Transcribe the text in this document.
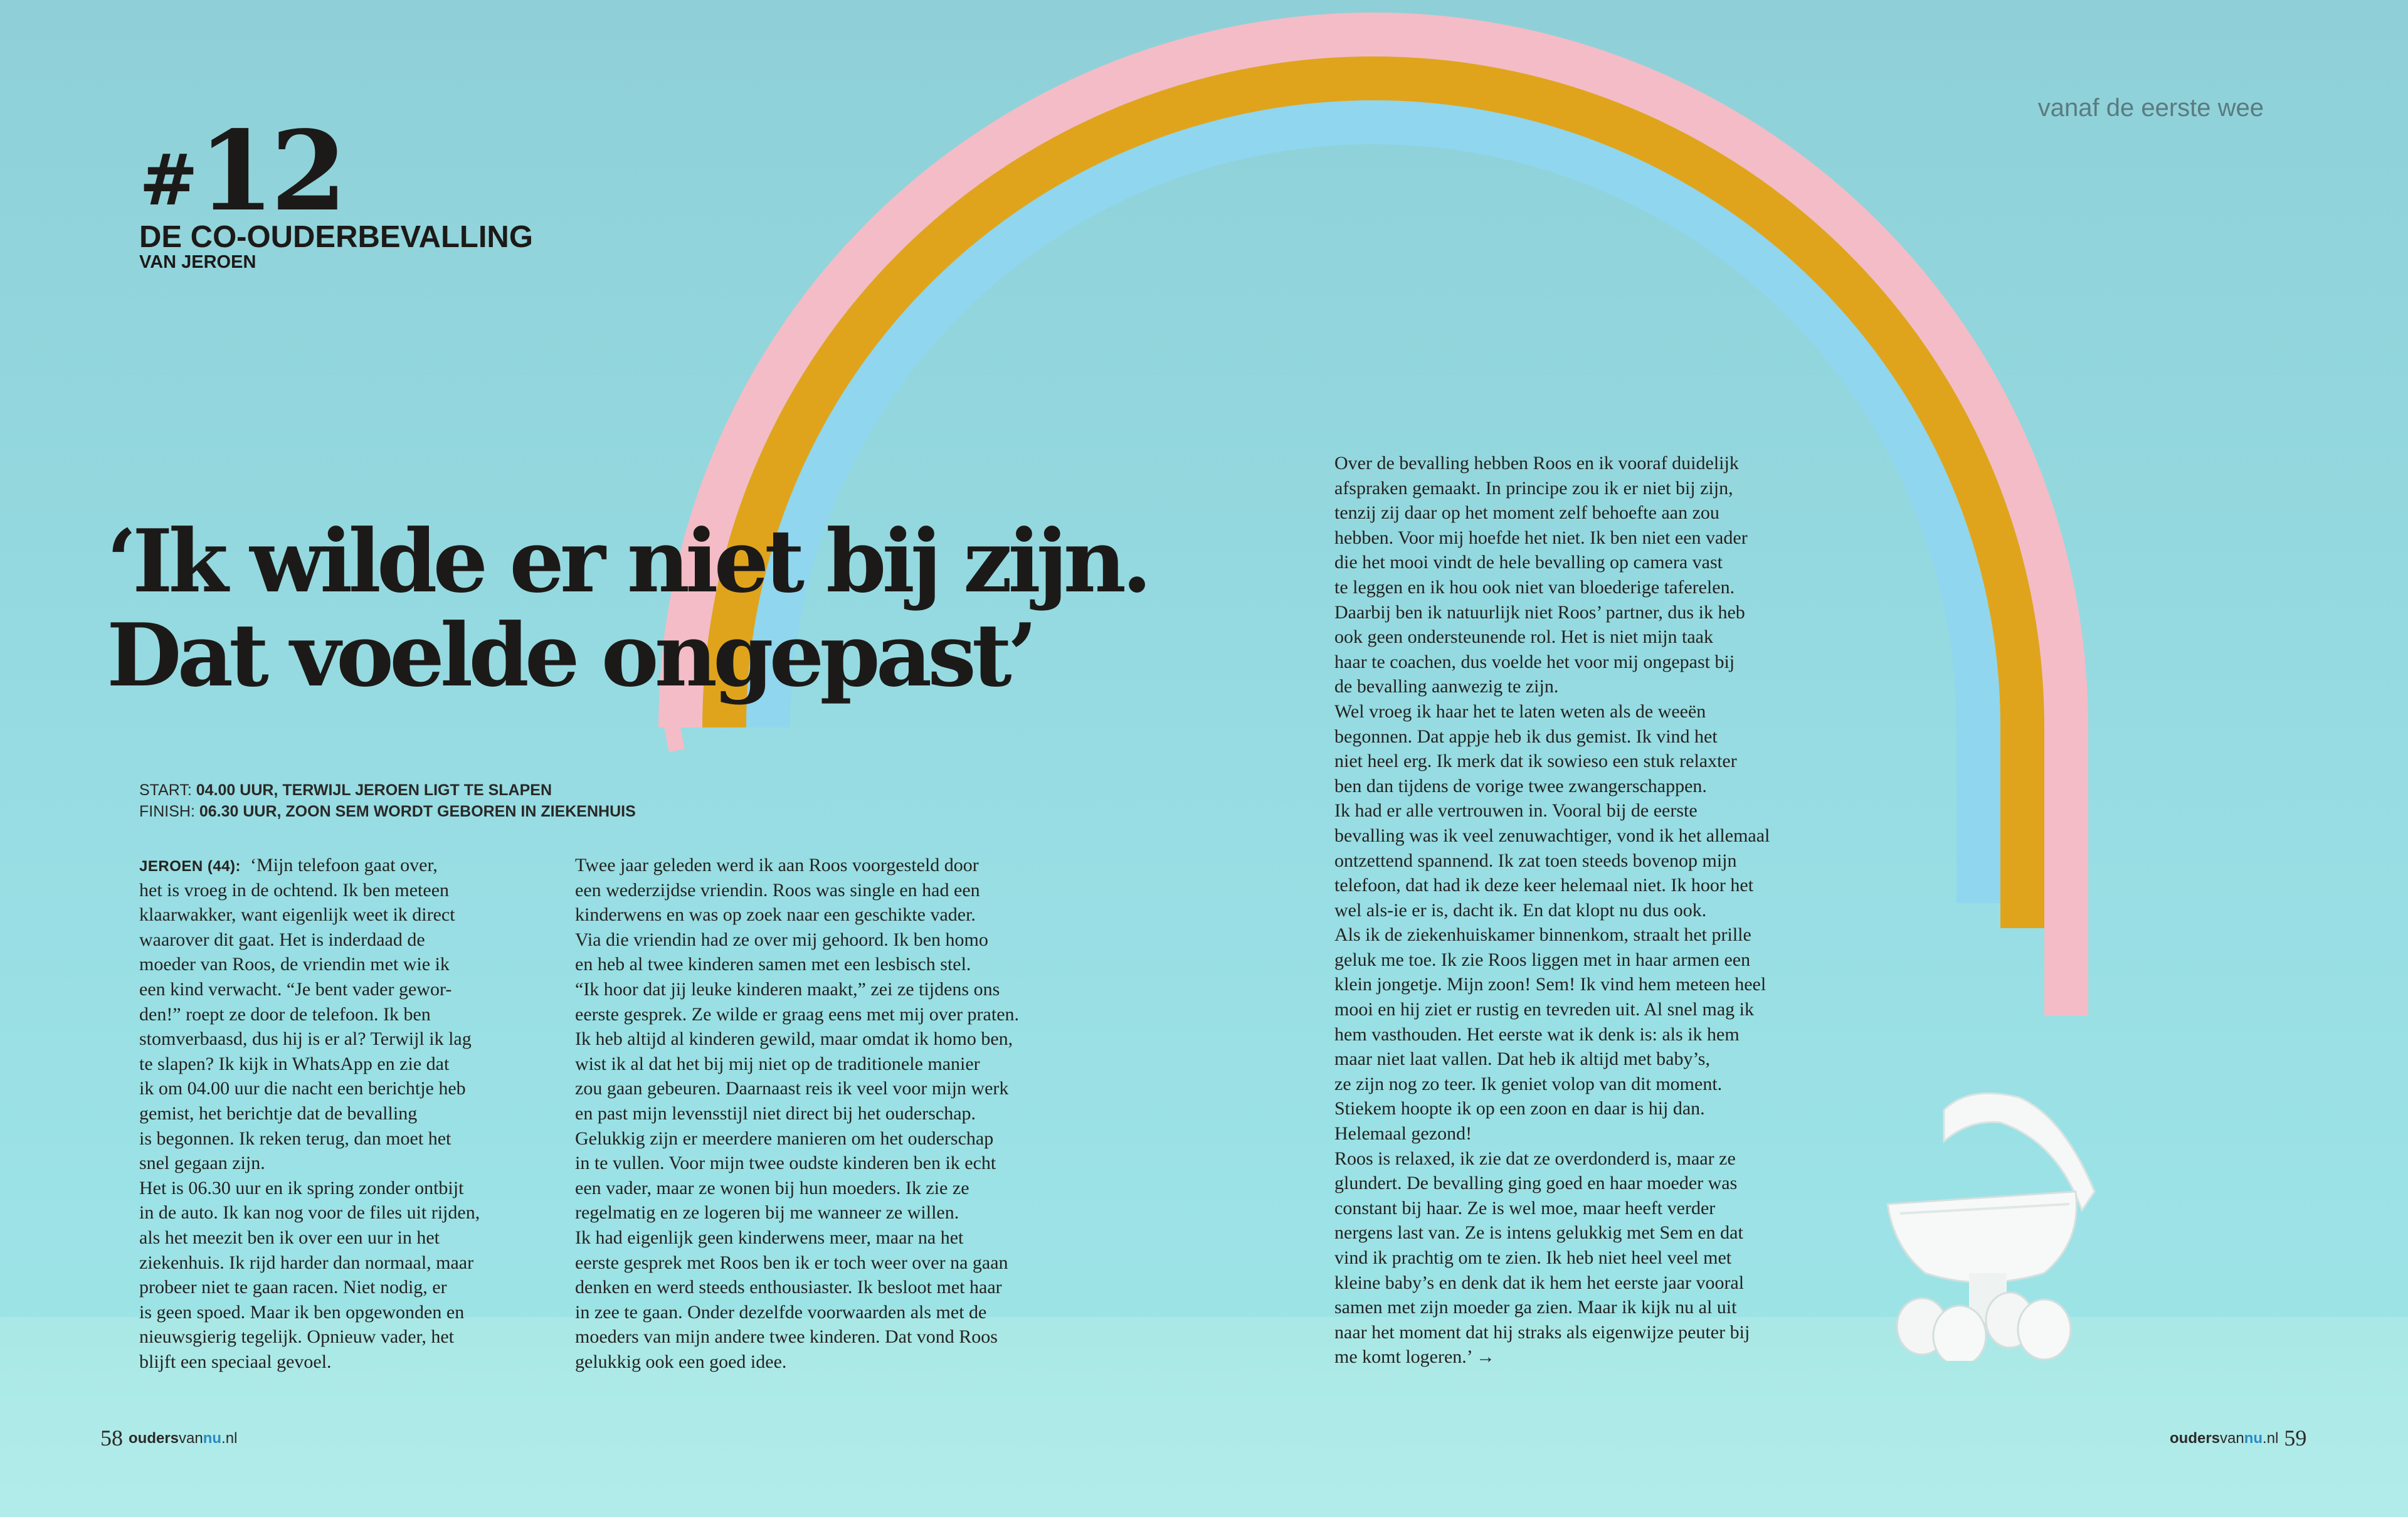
vanaf de eerste wee
#12
DE CO-OUDERBEVALLING
VAN JEROEN
‘Ik wilde er niet bij zijn.
Dat voelde ongepast’
START: 04.00 UUR, TERWIJL JEROEN LIGT TE SLAPEN
FINISH: 06.30 UUR, ZOON SEM WORDT GEBOREN IN ZIEKENHUIS
JEROEN (44): ‘Mijn telefoon gaat over,
het is vroeg in de ochtend. Ik ben meteen
klaarwakker, want eigenlijk weet ik direct
waarover dit gaat. Het is inderdaad de
moeder van Roos, de vriendin met wie ik
een kind verwacht. “Je bent vader gewor-
den!” roept ze door de telefoon. Ik ben
stomverbaasd, dus hij is er al? Terwijl ik lag
te slapen? Ik kijk in WhatsApp en zie dat
ik om 04.00 uur die nacht een berichtje heb
gemist, het berichtje dat de bevalling
is begonnen. Ik reken terug, dan moet het
snel gegaan zijn.
Het is 06.30 uur en ik spring zonder ontbijt
in de auto. Ik kan nog voor de files uit rijden,
als het meezit ben ik over een uur in het
ziekenhuis. Ik rijd harder dan normaal, maar
probeer niet te gaan racen. Niet nodig, er
is geen spoed. Maar ik ben opgewonden en
nieuwsgierig tegelijk. Opnieuw vader, het
blijft een speciaal gevoel.
Twee jaar geleden werd ik aan Roos voorgesteld door
een wederzijdse vriendin. Roos was single en had een
kinderwens en was op zoek naar een geschikte vader.
Via die vriendin had ze over mij gehoord. Ik ben homo
en heb al twee kinderen samen met een lesbisch stel.
“Ik hoor dat jij leuke kinderen maakt,” zei ze tijdens ons
eerste gesprek. Ze wilde er graag eens met mij over praten.
Ik heb altijd al kinderen gewild, maar omdat ik homo ben,
wist ik al dat het bij mij niet op de traditionele manier
zou gaan gebeuren. Daarnaast reis ik veel voor mijn werk
en past mijn levensstijl niet direct bij het ouderschap.
Gelukkig zijn er meerdere manieren om het ouderschap
in te vullen. Voor mijn twee oudste kinderen ben ik echt
een vader, maar ze wonen bij hun moeders. Ik zie ze
regelmatig en ze logeren bij me wanneer ze willen.
Ik had eigenlijk geen kinderwens meer, maar na het
eerste gesprek met Roos ben ik er toch weer over na gaan
denken en werd steeds enthousiaster. Ik besloot met haar
in zee te gaan. Onder dezelfde voorwaarden als met de
moeders van mijn andere twee kinderen. Dat vond Roos
gelukkig ook een goed idee.
Over de bevalling hebben Roos en ik vooraf duidelijk
afspraken gemaakt. In principe zou ik er niet bij zijn,
tenzij zij daar op het moment zelf behoefte aan zou
hebben. Voor mij hoefde het niet. Ik ben niet een vader
die het mooi vindt de hele bevalling op camera vast
te leggen en ik hou ook niet van bloederige taferelen.
Daarbij ben ik natuurlijk niet Roos’ partner, dus ik heb
ook geen ondersteunende rol. Het is niet mijn taak
haar te coachen, dus voelde het voor mij ongepast bij
de bevalling aanwezig te zijn.
Wel vroeg ik haar het te laten weten als de weeën
begonnen. Dat appje heb ik dus gemist. Ik vind het
niet heel erg. Ik merk dat ik sowieso een stuk relaxter
ben dan tijdens de vorige twee zwangerschappen.
Ik had er alle vertrouwen in. Vooral bij de eerste
bevalling was ik veel zenuwachtiger, vond ik het allemaal
ontzettend spannend. Ik zat toen steeds bovenop mijn
telefoon, dat had ik deze keer helemaal niet. Ik hoor het
wel als-ie er is, dacht ik. En dat klopt nu dus ook.
Als ik de ziekenhuiskamer binnenkom, straalt het prille
geluk me toe. Ik zie Roos liggen met in haar armen een
klein jongetje. Mijn zoon! Sem! Ik vind hem meteen heel
mooi en hij ziet er rustig en tevreden uit. Al snel mag ik
hem vasthouden. Het eerste wat ik denk is: als ik hem
maar niet laat vallen. Dat heb ik altijd met baby’s,
ze zijn nog zo teer. Ik geniet volop van dit moment.
Stiekem hoopte ik op een zoon en daar is hij dan.
Helemaal gezond!
Roos is relaxed, ik zie dat ze overdonderd is, maar ze
glundert. De bevalling ging goed en haar moeder was
constant bij haar. Ze is wel moe, maar heeft verder
nergens last van. Ze is intens gelukkig met Sem en dat
vind ik prachtig om te zien. Ik heb niet heel veel met
kleine baby’s en denk dat ik hem het eerste jaar vooral
samen met zijn moeder ga zien. Maar ik kijk nu al uit
naar het moment dat hij straks als eigenwijze peuter bij
me komt logeren.’ →
58 oudersvannu.nl	oudersvannu.nl 59
